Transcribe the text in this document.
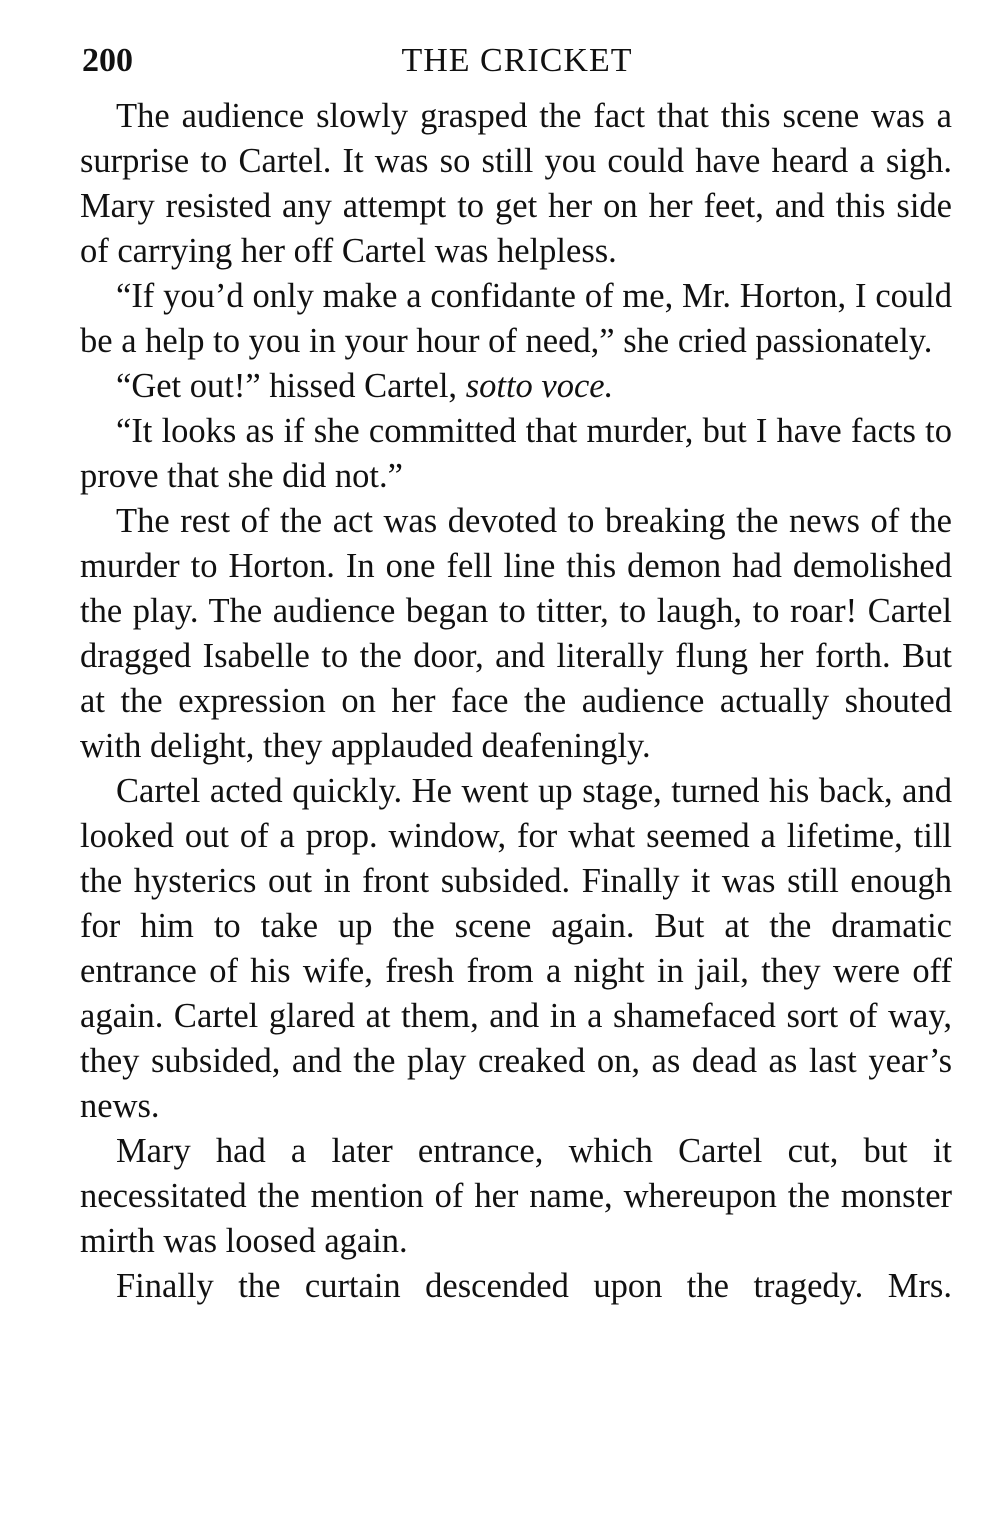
200	THE CRICKET

The audience slowly grasped the fact that this scene was a surprise to Cartel. It was so still you could have heard a sigh. Mary resisted any attempt to get her on her feet, and this side of carrying her off Cartel was helpless.

“If you’d only make a confidante of me, Mr. Horton, I could be a help to you in your hour of need,” she cried passionately.

“Get out!” hissed Cartel, sotto voce.

“It looks as if she committed that murder, but I have facts to prove that she did not.”

The rest of the act was devoted to breaking the news of the murder to Horton. In one fell line this demon had demolished the play. The audience began to titter, to laugh, to roar! Cartel dragged Isabelle to the door, and literally flung her forth. But at the expression on her face the audience actually shouted with delight, they applauded deafeningly.

Cartel acted quickly. He went up stage, turned his back, and looked out of a prop. window, for what seemed a lifetime, till the hysterics out in front subsided. Finally it was still enough for him to take up the scene again. But at the dramatic entrance of his wife, fresh from a night in jail, they were off again. Cartel glared at them, and in a shamefaced sort of way, they subsided, and the play creaked on, as dead as last year’s news.

Mary had a later entrance, which Cartel cut, but it necessitated the mention of her name, whereupon the monster mirth was loosed again.

Finally the curtain descended upon the tragedy. Mrs.
